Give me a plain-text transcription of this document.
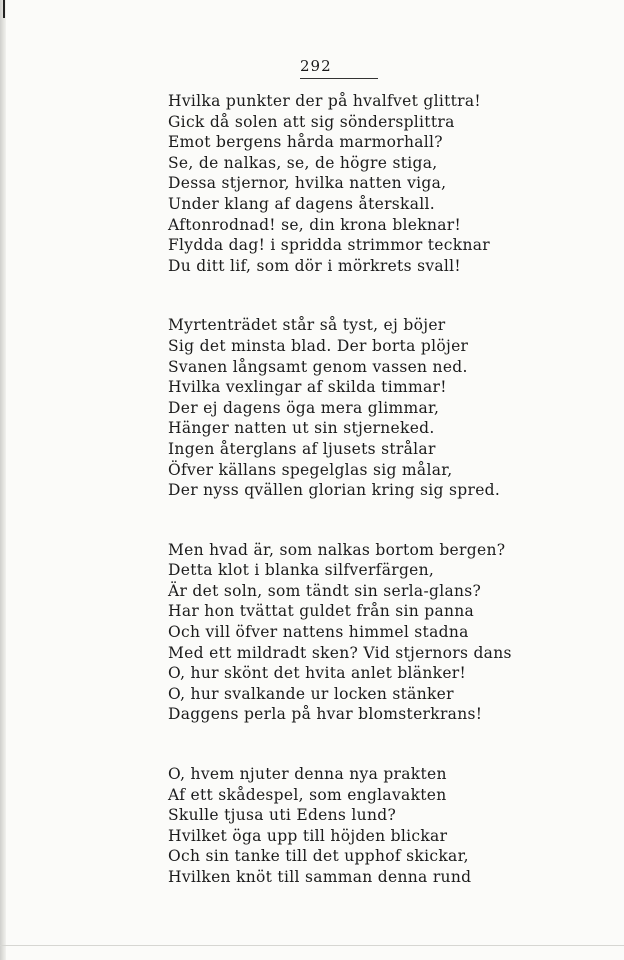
292
Hvilka punkter der på hvalfvet glittra!
Gick då solen att sig söndersplittra
Emot bergens hårda marmorhall?
Se, de nalkas, se, de högre stiga,
Dessa stjernor, hvilka natten viga,
Under klang af dagens återskall.
Aftonrodnad! se, din krona bleknar!
Flydda dag! i spridda strimmor tecknar
Du ditt lif, som dör i mörkrets svall!
Myrtenträdet står så tyst, ej böjer
Sig det minsta blad. Der borta plöjer
Svanen långsamt genom vassen ned.
Hvilka vexlingar af skilda timmar!
Der ej dagens öga mera glimmar,
Hänger natten ut sin stjerneked.
Ingen återglans af ljusets strålar
Öfver källans spegelglas sig målar,
Der nyss qvällen glorian kring sig spred.
Men hvad är, som nalkas bortom bergen?
Detta klot i blanka silfverfärgen,
Är det soln, som tändt sin serla-glans?
Har hon tvättat guldet från sin panna
Och vill öfver nattens himmel stadna
Med ett mildradt sken? Vid stjernors dans
O, hur skönt det hvita anlet blänker!
O, hur svalkande ur locken stänker
Daggens perla på hvar blomsterkrans!
O, hvem njuter denna nya prakten
Af ett skådespel, som englavakten
Skulle tjusa uti Edens lund?
Hvilket öga upp till höjden blickar
Och sin tanke till det upphof skickar,
Hvilken knöt till samman denna rund
